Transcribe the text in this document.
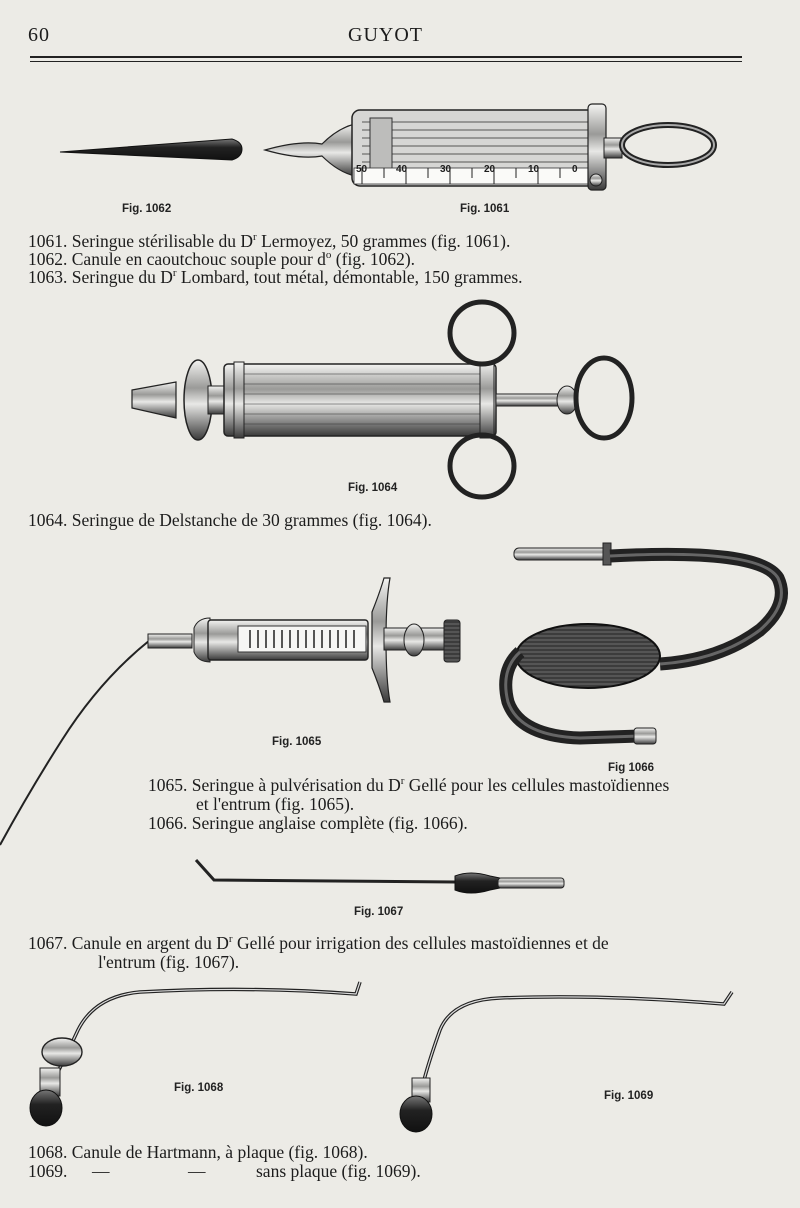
60	GUYOT
50	40	30	20	10	0
Fig. 1062	Fig. 1061
Fig. 1064
Fig. 1065
Fig 1066
Fig. 1067
Fig. 1068
Fig. 1069
1061. Seringue stérilisable du $D^r$ Lermoyez, 50 grammes (fig. 1061).
1062. Canule en caoutchouc souple pour $d^o$ (fig. 1062).
1063. Seringue du $D^r$ Lombard, tout métal, démontable, 150 grammes.
1064. Seringue de Delstanche de 30 grammes (fig. 1064).
1065. Seringue à pulvérisation du $D^r$ Gellé pour les cellules mastoïdiennes
et l'entrum (fig. 1065).
1066. Seringue anglaise complète (fig. 1066).
1067. Canule en argent du $D^r$ Gellé pour irrigation des cellules mastoïdiennes et de
l'entrum (fig. 1067).
1068. Canule de Hartmann, à plaque (fig. 1068).
1069. —	—	sans plaque (fig. 1069).
